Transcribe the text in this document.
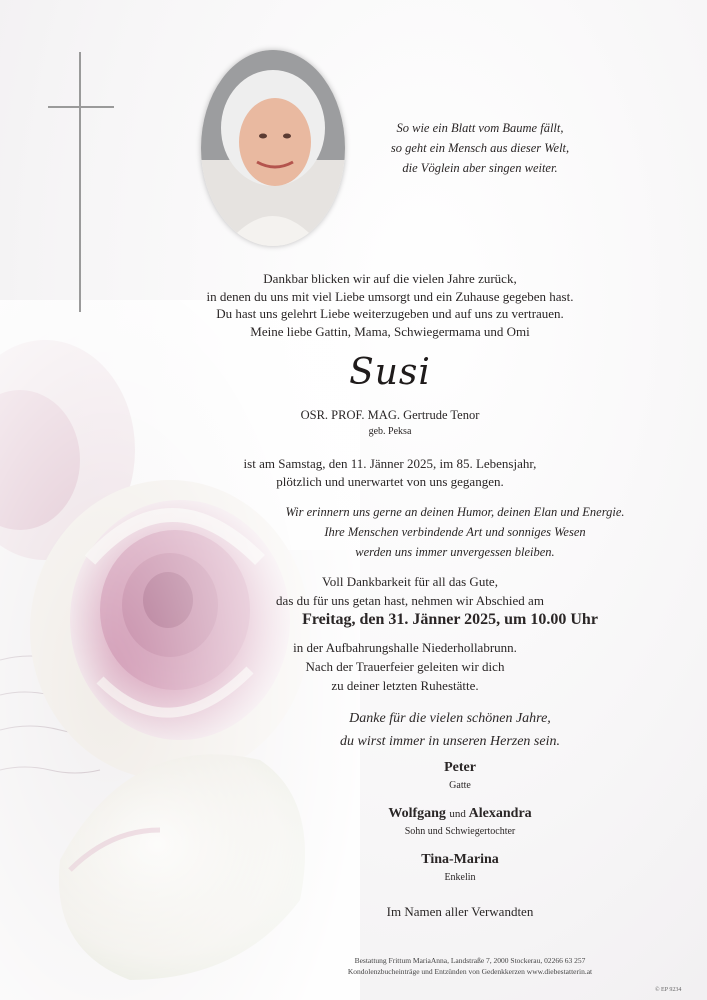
So wie ein Blatt vom Baume fällt,
so geht ein Mensch aus dieser Welt,
die Vöglein aber singen weiter.
Dankbar blicken wir auf die vielen Jahre zurück,
in denen du uns mit viel Liebe umsorgt und ein Zuhause gegeben hast.
Du hast uns gelehrt Liebe weiterzugeben und auf uns zu vertrauen.
Meine liebe Gattin, Mama, Schwiegermama und Omi
Susi
OSR. PROF. MAG. Gertrude Tenor
geb. Peksa
ist am Samstag, den 11. Jänner 2025, im 85. Lebensjahr,
plötzlich und unerwartet von uns gegangen.
Wir erinnern uns gerne an deinen Humor, deinen Elan und Energie.
Ihre Menschen verbindende Art und sonniges Wesen
werden uns immer unvergessen bleiben.
Voll Dankbarkeit für all das Gute,
das du für uns getan hast, nehmen wir Abschied am
Freitag, den 31. Jänner 2025, um 10.00 Uhr
in der Aufbahrungshalle Niederhollabrunn.
Nach der Trauerfeier geleiten wir dich
zu deiner letzten Ruhestätte.
Danke für die vielen schönen Jahre,
du wirst immer in unseren Herzen sein.
Peter
Gatte
Wolfgang und Alexandra
Sohn und Schwiegertochter
Tina-Marina
Enkelin
Im Namen aller Verwandten
Bestattung Frittum MariaAnna, Landstraße 7, 2000 Stockerau, 02266 63 257
Kondolenzbucheinträge und Entzünden von Gedenkkerzen www.diebestatterin.at
© EP 9234
